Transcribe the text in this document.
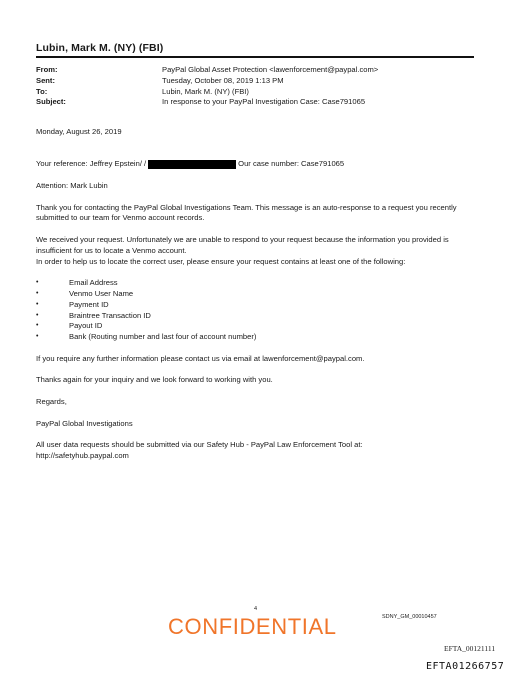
Lubin, Mark M. (NY) (FBI)
From:	PayPal Global Asset Protection <lawenforcement@paypal.com>
Sent:	Tuesday, October 08, 2019 1:13 PM
To:	Lubin, Mark M. (NY) (FBI)
Subject:	In response to your PayPal Investigation Case: Case791065

Monday, August 26, 2019

Your reference: Jeffrey Epstein/ /	Our case number: Case791065

Attention: Mark Lubin

Thank you for contacting the PayPal Global Investigations Team. This message is an auto-response to a request you recently submitted to our team for Venmo account records.

We received your request. Unfortunately we are unable to respond to your request because the information you provided is insufficient for us to locate a Venmo account.

In order to help us to locate the correct user, please ensure your request contains at least one of the following:

•	Email Address
•	Venmo User Name
•	Payment ID
•	Braintree Transaction ID
•	Payout ID
•	Bank (Routing number and last four of account number)

If you require any further information please contact us via email at lawenforcement@paypal.com.

Thanks again for your inquiry and we look forward to working with you.

Regards,

PayPal Global Investigations

All user data requests should be submitted via our Safety Hub - PayPal Law Enforcement Tool at:

http://safetyhub.paypal.com

4
CONFIDENTIAL	SDNY_GM_00010457
EFTA_00121111
EFTA01266757
